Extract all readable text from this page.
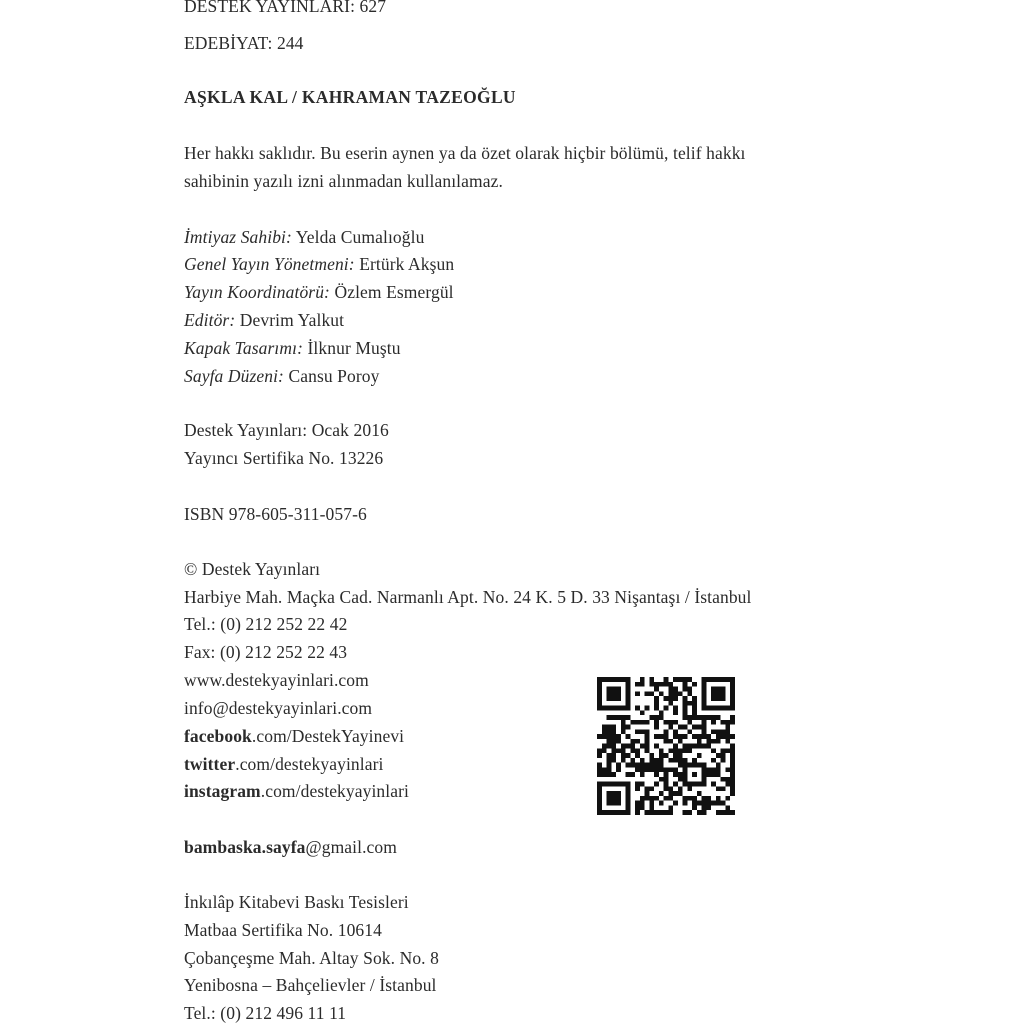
DESTEK YAYINLARI: 627
EDEBİYAT: 244
AŞKLA KAL / KAHRAMAN TAZEOĞLU
Her hakkı saklıdır. Bu eserin aynen ya da özet olarak hiçbir bölümü, telif hakkı
sahibinin yazılı izni alınmadan kullanılamaz.
İmtiyaz Sahibi: Yelda Cumalıoğlu
Genel Yayın Yönetmeni: Ertürk Akşun
Yayın Koordinatörü: Özlem Esmergül
Editör: Devrim Yalkut
Kapak Tasarımı: İlknur Muştu
Sayfa Düzeni: Cansu Poroy
Destek Yayınları: Ocak 2016
Yayıncı Sertifika No. 13226
ISBN 978-605-311-057-6
© Destek Yayınları
Harbiye Mah. Maçka Cad. Narmanlı Apt. No. 24 K. 5 D. 33 Nişantaşı / İstanbul
Tel.: (0) 212 252 22 42
Fax: (0) 212 252 22 43
www.destekyayinlari.com
info@destekyayinlari.com
facebook.com/DestekYayinevi
twitter.com/destekyayinlari
instagram.com/destekyayinlari
bambaska.sayfa@gmail.com
İnkılâp Kitabevi Baskı Tesisleri
Matbaa Sertifika No. 10614
Çobançeşme Mah. Altay Sok. No. 8
Yenibosna – Bahçelievler / İstanbul
Tel.: (0) 212 496 11 11
